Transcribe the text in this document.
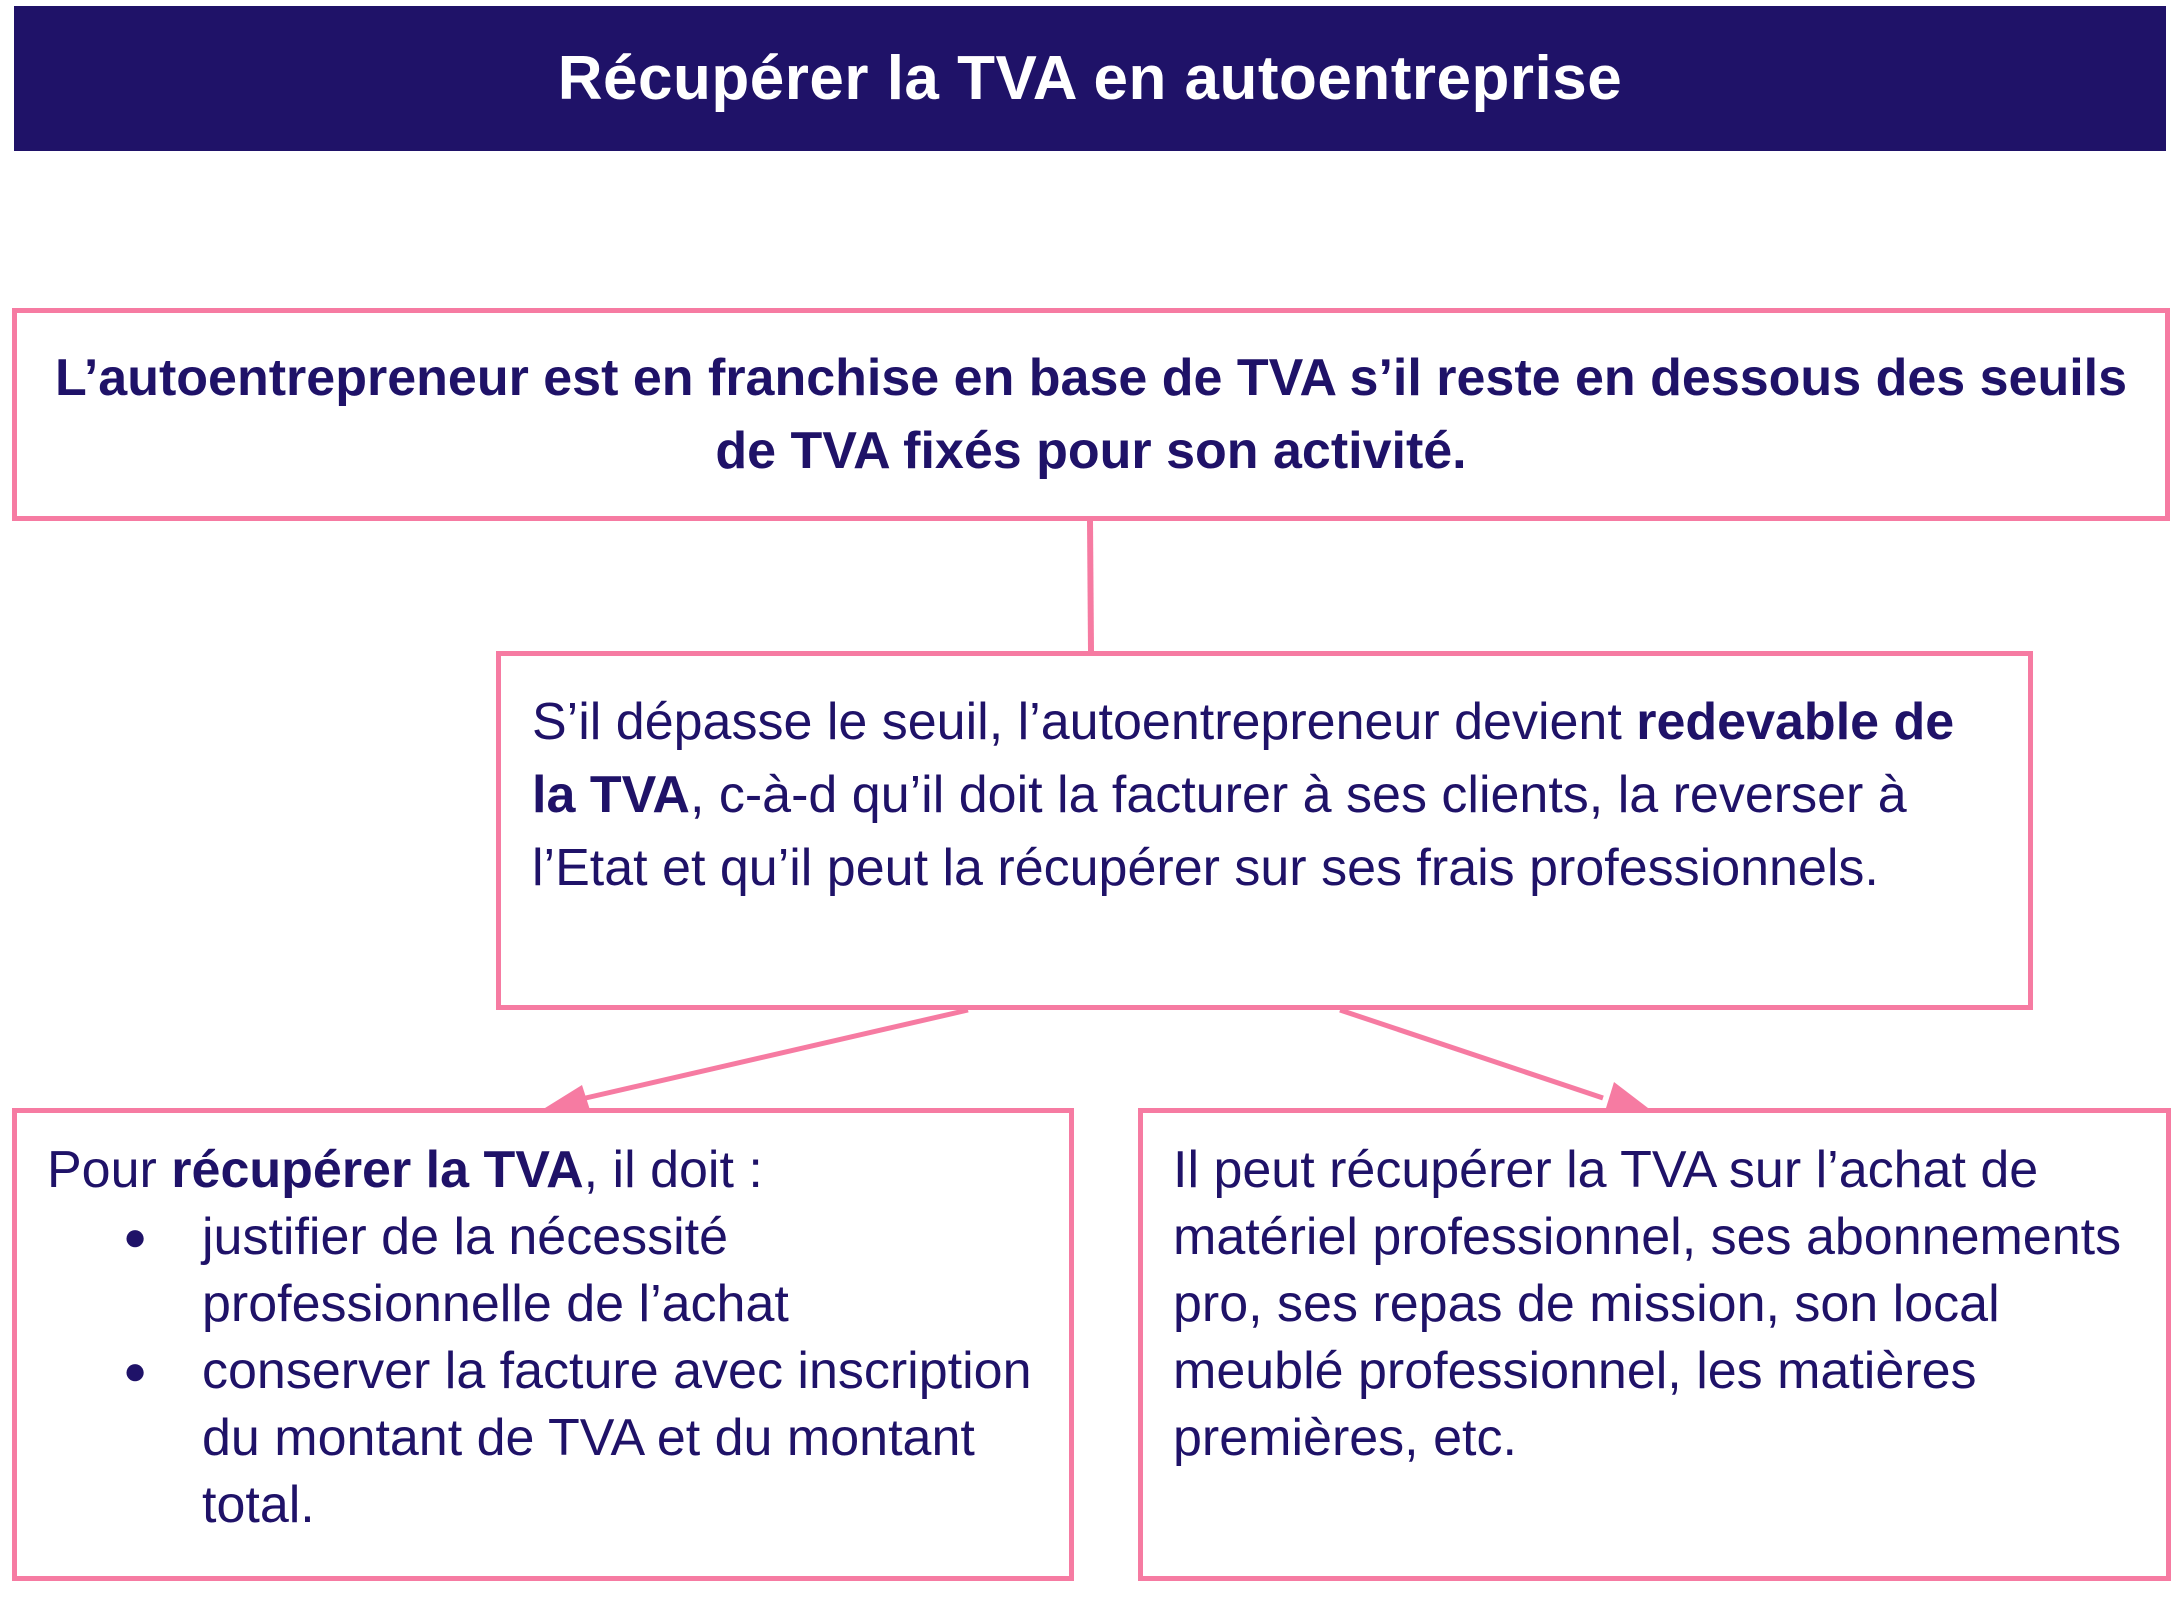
Récupérer la TVA en autoentreprise
L’autoentrepreneur est en franchise en base de TVA s’il reste en dessous des seuils de TVA fixés pour son activité.

S’il dépasse le seuil, l’autoentrepreneur devient redevable de la TVA, c-à-d qu’il doit la facturer à ses clients, la reverser à l’Etat et qu’il peut la récupérer sur ses frais professionnels.

Pour récupérer la TVA, il doit :

● justifier de la nécessité professionnelle de l’achat
● conserver la facture avec inscription du montant de TVA et du montant total.

Il peut récupérer la TVA sur l’achat de matériel professionnel, ses abonnements pro, ses repas de mission, son local meublé professionnel, les matières premières, etc.
